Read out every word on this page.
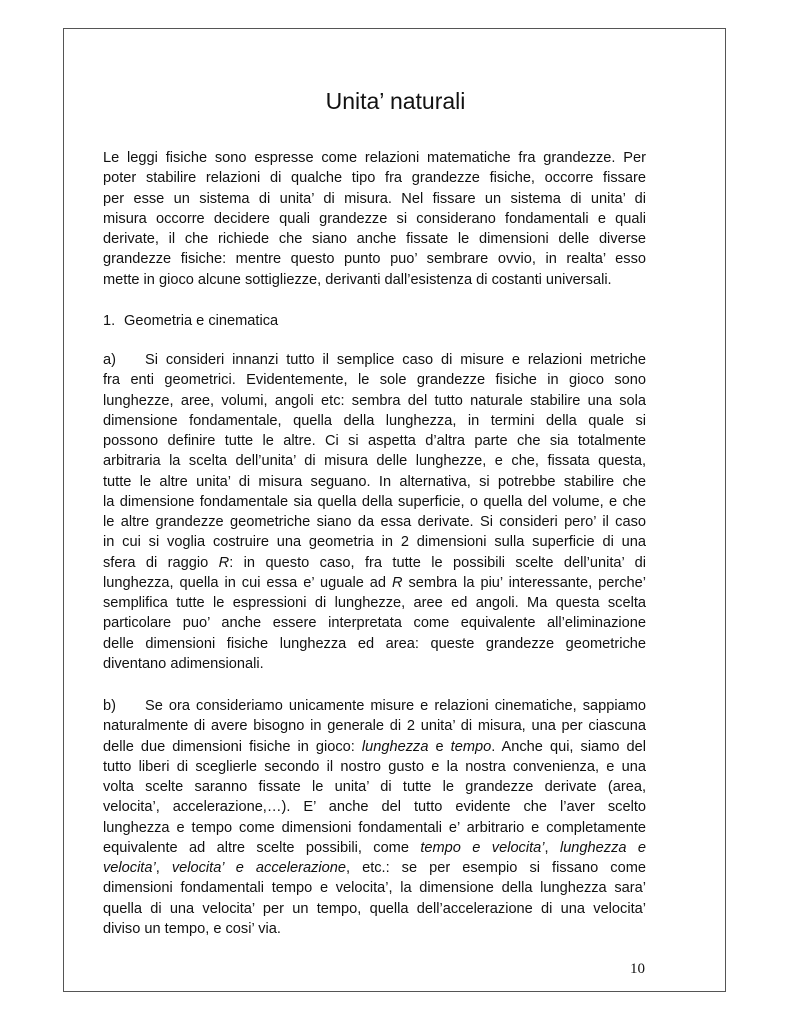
Unita’ naturali
Le leggi fisiche sono espresse come relazioni matematiche fra grandezze. Per
poter stabilire relazioni di qualche tipo fra grandezze fisiche, occorre fissare
per esse un sistema di unita’ di misura. Nel fissare un sistema di unita’ di
misura occorre decidere quali grandezze si considerano fondamentali e quali
derivate, il che richiede che siano anche fissate le dimensioni delle diverse
grandezze fisiche: mentre questo punto puo’ sembrare ovvio, in realta’ esso
mette in gioco alcune sottigliezze, derivanti dall’esistenza di costanti universali.
1. Geometria e cinematica
a) Si consideri innanzi tutto il semplice caso di misure e relazioni metriche
fra enti geometrici. Evidentemente, le sole grandezze fisiche in gioco sono
lunghezze, aree, volumi, angoli etc: sembra del tutto naturale stabilire una sola
dimensione fondamentale, quella della lunghezza, in termini della quale si
possono definire tutte le altre. Ci si aspetta d’altra parte che sia totalmente
arbitraria la scelta dell’unita’ di misura delle lunghezze, e che, fissata questa,
tutte le altre unita’ di misura seguano. In alternativa, si potrebbe stabilire che
la dimensione fondamentale sia quella della superficie, o quella del volume, e che
le altre grandezze geometriche siano da essa derivate. Si consideri pero’ il caso
in cui si voglia costruire una geometria in 2 dimensioni sulla superficie di una
sfera di raggio R: in questo caso, fra tutte le possibili scelte dell’unita’ di
lunghezza, quella in cui essa e’ uguale ad R sembra la piu’ interessante, perche’
semplifica tutte le espressioni di lunghezze, aree ed angoli. Ma questa scelta
particolare puo’ anche essere interpretata come equivalente all’eliminazione
delle dimensioni fisiche lunghezza ed area: queste grandezze geometriche
diventano adimensionali.
b) Se ora consideriamo unicamente misure e relazioni cinematiche, sappiamo
naturalmente di avere bisogno in generale di 2 unita’ di misura, una per ciascuna
delle due dimensioni fisiche in gioco: lunghezza e tempo. Anche qui, siamo del
tutto liberi di sceglierle secondo il nostro gusto e la nostra convenienza, e una
volta scelte saranno fissate le unita’ di tutte le grandezze derivate (area,
velocita’, accelerazione,…). E’ anche del tutto evidente che l’aver scelto
lunghezza e tempo come dimensioni fondamentali e’ arbitrario e completamente
equivalente ad altre scelte possibili, come tempo e velocita’, lunghezza e
velocita’, velocita’ e accelerazione, etc.: se per esempio si fissano come
dimensioni fondamentali tempo e velocita’, la dimensione della lunghezza sara’
quella di una velocita’ per un tempo, quella dell’accelerazione di una velocita’
diviso un tempo, e cosi’ via.
10
